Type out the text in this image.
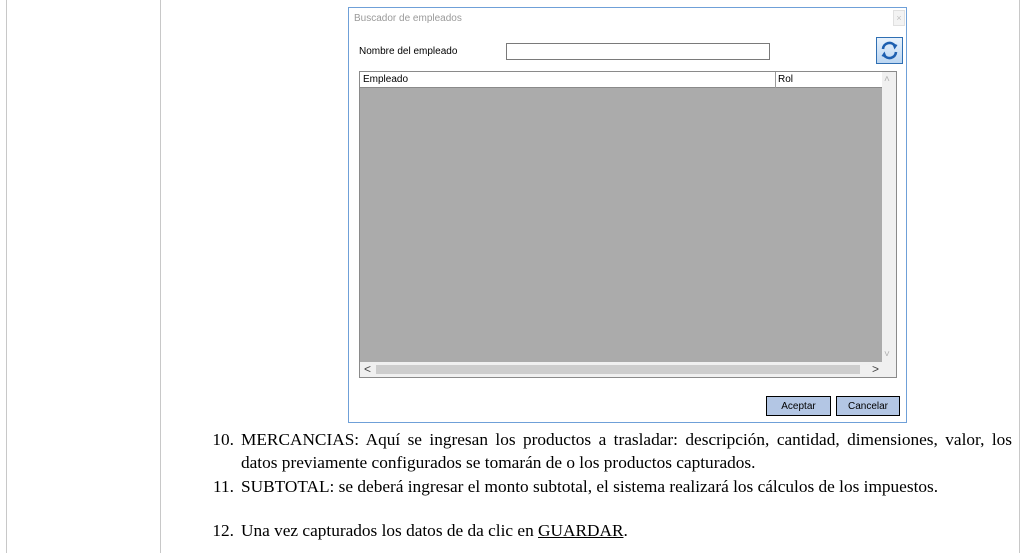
Buscador de empleados	×
Nombre del empleado
Empleado	Rol	˄
˅
<	>
Aceptar	Cancelar
10. MERCANCIAS: Aquí se ingresan los productos a trasladar: descripción, cantidad, dimensiones, valor, los datos previamente configurados se tomarán de o los productos capturados.
11. SUBTOTAL: se deberá ingresar el monto subtotal, el sistema realizará los cálculos de los impuestos.
12. Una vez capturados los datos de da clic en GUARDAR.
